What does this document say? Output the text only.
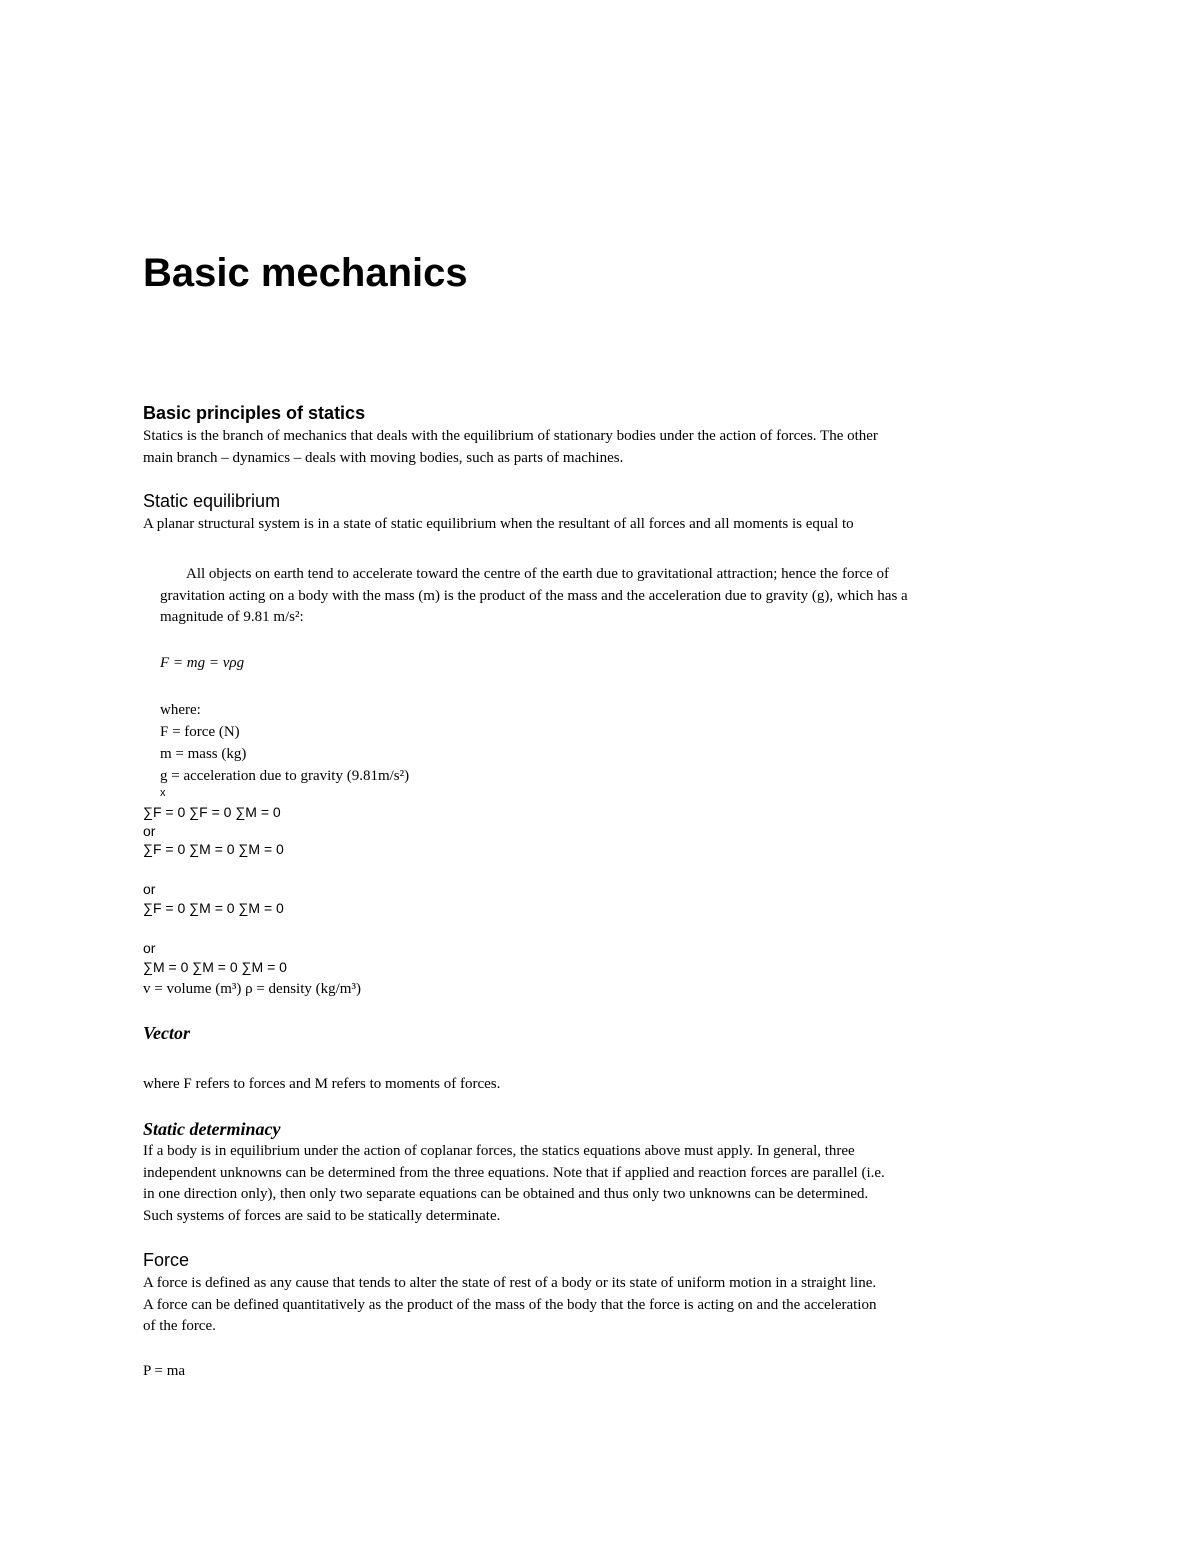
Basic mechanics
Basic principles of statics

Statics is the branch of mechanics that deals with the equilibrium of stationary bodies under the action of forces. The other

main branch – dynamics – deals with moving bodies, such as parts of machines.

Static equilibrium
A planar structural system is in a state of static equilibrium when the resultant of all forces and all moments is equal to

All objects on earth tend to accelerate toward the centre of the earth due to gravitational attraction; hence the force of

gravitation acting on a body with the mass (m) is the product of the mass and the acceleration due to gravity (g), which has a

magnitude of 9.81 m/s²:

F = mg = vρg
where:
F = force (N)
m = mass (kg)
g = acceleration due to gravity (9.81m/s²)
x
∑F = 0 ∑F = 0 ∑M = 0
or
∑F = 0 ∑M = 0 ∑M = 0
or
∑F = 0 ∑M = 0 ∑M = 0
or
∑M = 0 ∑M = 0 ∑M = 0
v = volume (m³) ρ = density (kg/m³)
Vector
where F refers to forces and M refers to moments of forces.
Static determinacy

If a body is in equilibrium under the action of coplanar forces, the statics equations above must apply. In general, three

independent unknowns can be determined from the three equations. Note that if applied and reaction forces are parallel (i.e.

in one direction only), then only two separate equations can be obtained and thus only two unknowns can be determined.

Such systems of forces are said to be statically determinate.

Force

A force is defined as any cause that tends to alter the state of rest of a body or its state of uniform motion in a straight line.

A force can be defined quantitatively as the product of the mass of the body that the force is acting on and the acceleration

of the force.

P = ma
